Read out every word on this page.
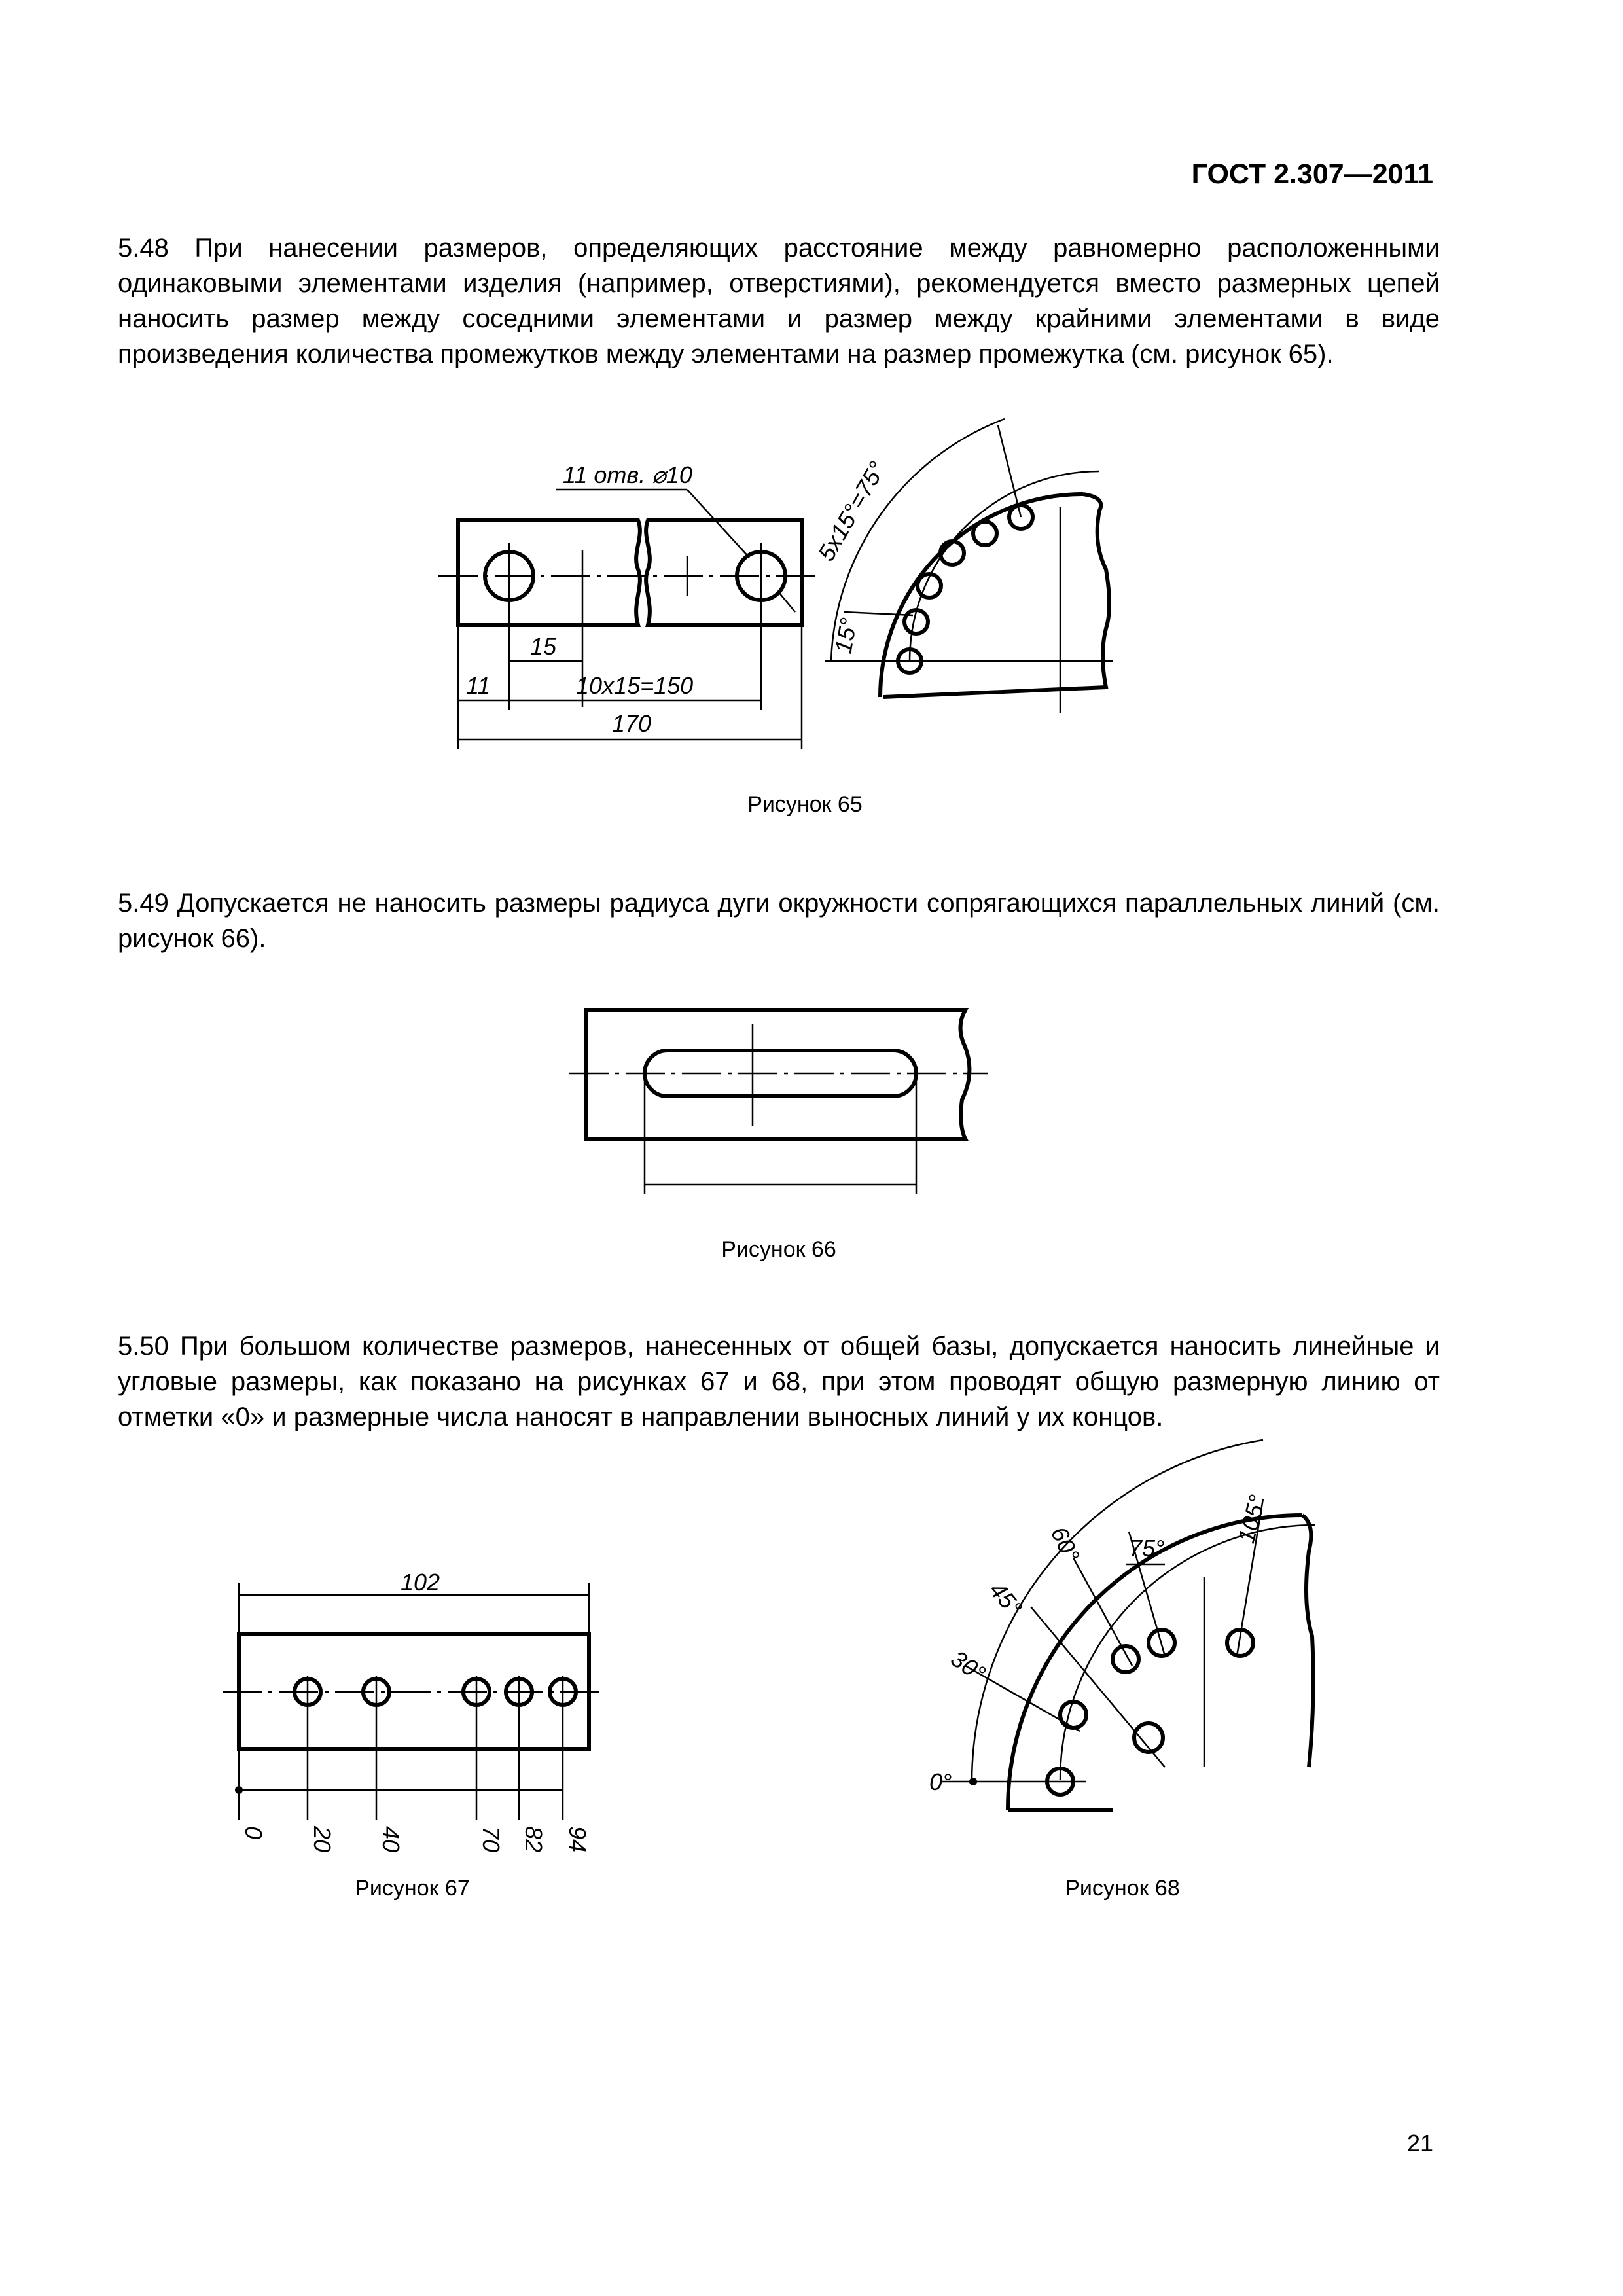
ГОСТ 2.307—2011
5.48 При нанесении размеров, определяющих расстояние между равномерно расположенными одинаковыми элементами изделия (например, отверстиями), рекомендуется вместо размерных цепей наносить размер между соседними элементами и размер между крайними элементами в виде произведения количества промежутков между элементами на размер промежутка (см. рисунок 65).
15
11	10x15=150
170
11 отв. ⌀10	5x15°=75°
15°
Рисунок 65
5.49 Допускается не наносить размеры радиуса дуги окружности сопрягающихся параллельных линий (см. рисунок 66).
Рисунок 66
5.50 При большом количестве размеров, нанесенных от общей базы, допускается наносить линейные и угловые размеры, как показано на рисунках 67 и 68, при этом проводят общую размерную линию от отметки «0» и размерные числа наносят в направлении выносных линий у их концов.
102
0 20 40	70 82 94
Рисунок 67
0°
30°
45°
60° 75°
105°
Рисунок 68
21
